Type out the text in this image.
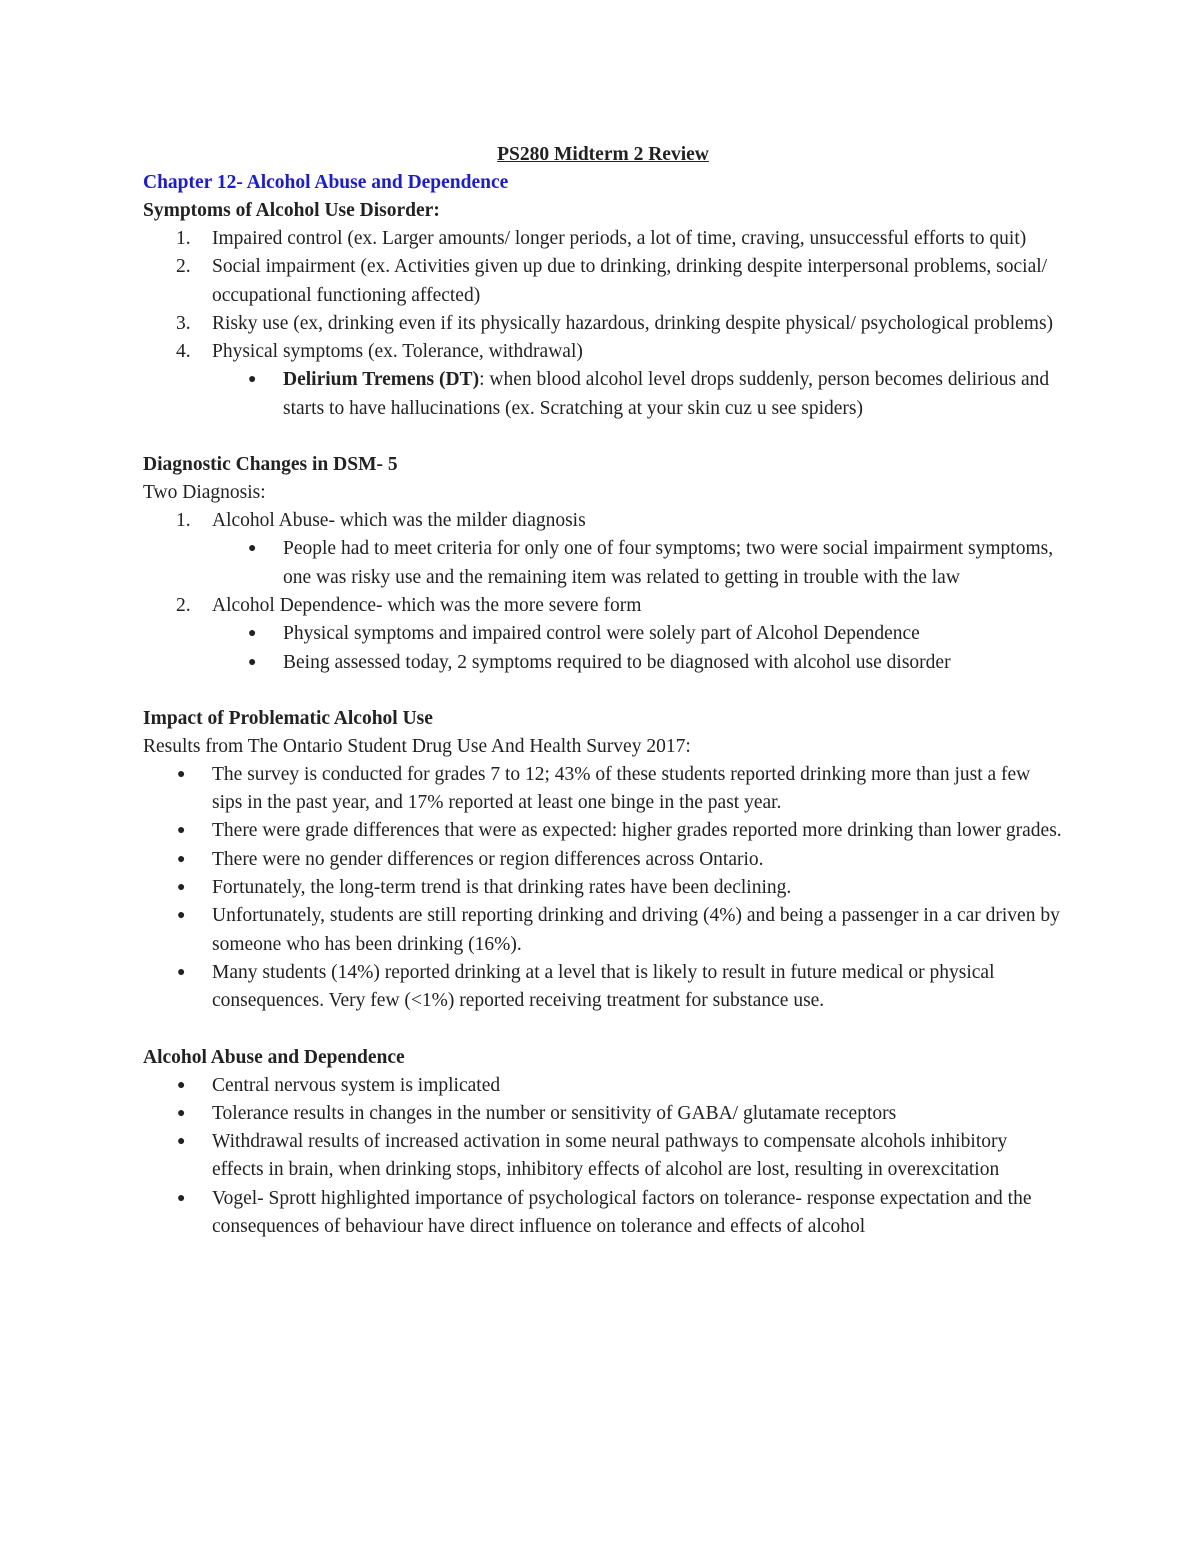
PS280 Midterm 2 Review

Chapter 12- Alcohol Abuse and Dependence

Symptoms of Alcohol Use Disorder:

1. Impaired control (ex. Larger amounts/ longer periods, a lot of time, craving, unsuccessful efforts to quit)
2. Social impairment (ex. Activities given up due to drinking, drinking despite interpersonal problems, social/ occupational functioning affected)
3. Risky use (ex, drinking even if its physically hazardous, drinking despite physical/ psychological problems)
4. Physical symptoms (ex. Tolerance, withdrawal)
● Delirium Tremens (DT): when blood alcohol level drops suddenly, person becomes delirious and starts to have hallucinations (ex. Scratching at your skin cuz u see spiders)

Diagnostic Changes in DSM- 5

Two Diagnosis:

1. Alcohol Abuse- which was the milder diagnosis
● People had to meet criteria for only one of four symptoms; two were social impairment symptoms, one was risky use and the remaining item was related to getting in trouble with the law
2. Alcohol Dependence- which was the more severe form
● Physical symptoms and impaired control were solely part of Alcohol Dependence
● Being assessed today, 2 symptoms required to be diagnosed with alcohol use disorder

Impact of Problematic Alcohol Use

Results from The Ontario Student Drug Use And Health Survey 2017:

● The survey is conducted for grades 7 to 12; 43% of these students reported drinking more than just a few sips in the past year, and 17% reported at least one binge in the past year.
● There were grade differences that were as expected: higher grades reported more drinking than lower grades.
● There were no gender differences or region differences across Ontario.
● Fortunately, the long-term trend is that drinking rates have been declining.
● Unfortunately, students are still reporting drinking and driving (4%) and being a passenger in a car driven by someone who has been drinking (16%).
● Many students (14%) reported drinking at a level that is likely to result in future medical or physical consequences. Very few (<1%) reported receiving treatment for substance use.

Alcohol Abuse and Dependence

● Central nervous system is implicated
● Tolerance results in changes in the number or sensitivity of GABA/ glutamate receptors
● Withdrawal results of increased activation in some neural pathways to compensate alcohols inhibitory effects in brain, when drinking stops, inhibitory effects of alcohol are lost, resulting in overexcitation
● Vogel- Sprott highlighted importance of psychological factors on tolerance- response expectation and the consequences of behaviour have direct influence on tolerance and effects of alcohol
